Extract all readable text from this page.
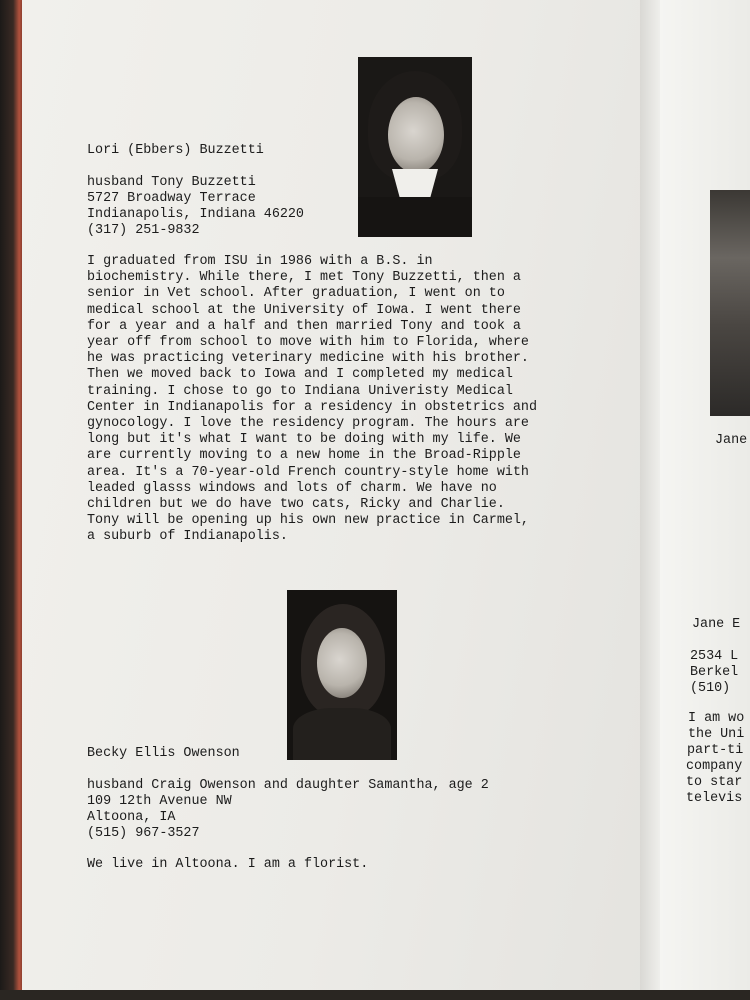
Lori (Ebbers) Buzzetti
husband Tony Buzzetti
5727 Broadway Terrace
Indianapolis, Indiana 46220
(317) 251-9832
I graduated from ISU in 1986 with a B.S. in
biochemistry. While there, I met Tony Buzzetti, then a
senior in Vet school. After graduation, I went on to
medical school at the University of Iowa. I went there
for a year and a half and then married Tony and took a
year off from school to move with him to Florida, where
he was practicing veterinary medicine with his brother.
Then we moved back to Iowa and I completed my medical
training. I chose to go to Indiana Univeristy Medical
Center in Indianapolis for a residency in obstetrics and
gynocology. I love the residency program. The hours are
long but it's what I want to be doing with my life. We
are currently moving to a new home in the Broad-Ripple
area. It's a 70-year-old French country-style home with
leaded glasss windows and lots of charm. We have no
children but we do have two cats, Ricky and Charlie.
Tony will be opening up his own new practice in Carmel,
a suburb of Indianapolis.
Becky Ellis Owenson
husband Craig Owenson and daughter Samantha, age 2
109 12th Avenue NW
Altoona, IA
(515) 967-3527
We live in Altoona. I am a florist.
Jane
Jane E
2534 L
Berkel
(510)
I am wo
the Uni
part-ti
company
to star
televis
